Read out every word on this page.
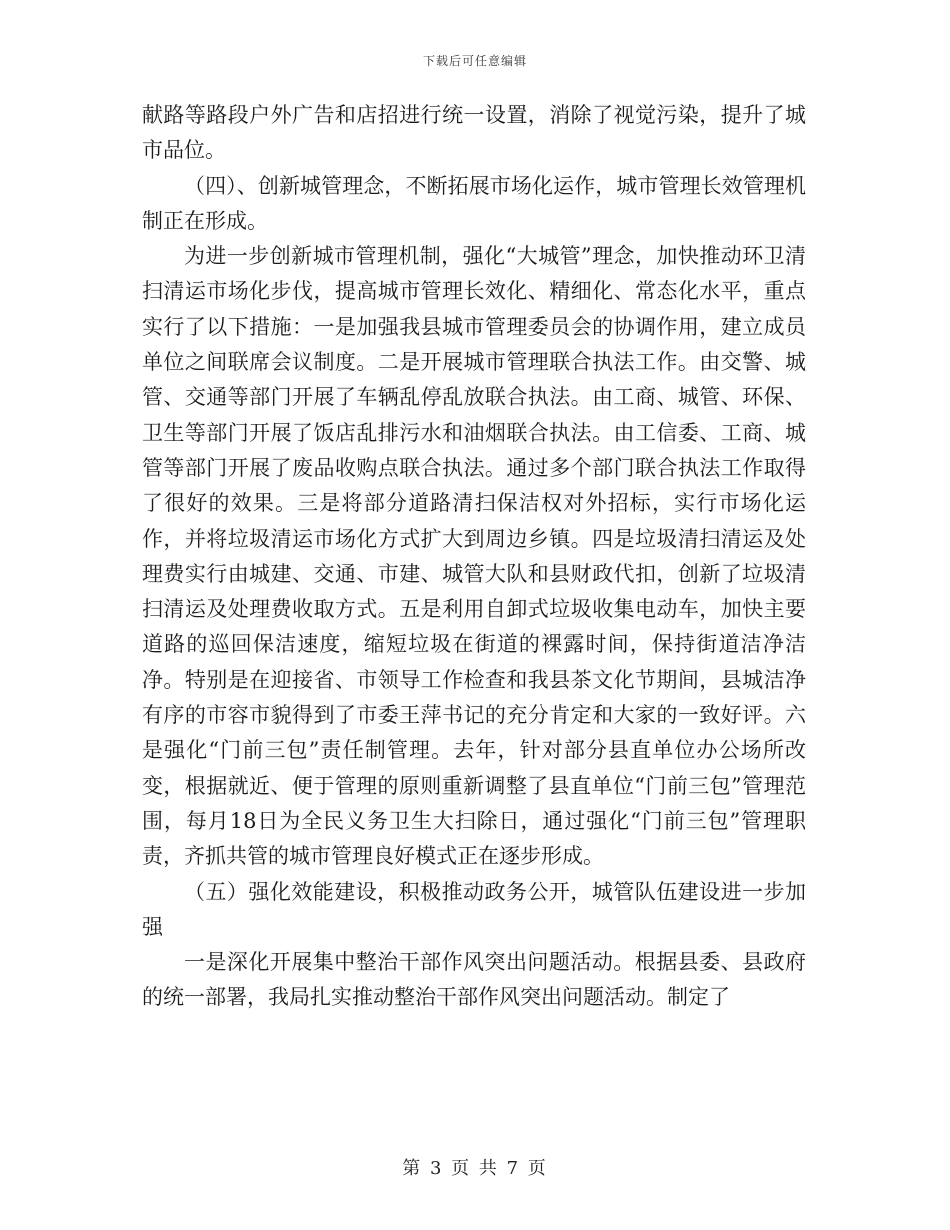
下载后可任意编辑

献路等路段户外广告和店招进行统一设置，消除了视觉污染，提升了城市品位。

（四）、创新城管理念，不断拓展市场化运作，城市管理长效管理机制正在形成。

为进一步创新城市管理机制，强化“大城管”理念，加快推动环卫清扫清运市场化步伐，提高城市管理长效化、精细化、常态化水平，重点实行了以下措施：一是加强我县城市管理委员会的协调作用，建立成员单位之间联席会议制度。二是开展城市管理联合执法工作。由交警、城管、交通等部门开展了车辆乱停乱放联合执法。由工商、城管、环保、卫生等部门开展了饭店乱排污水和油烟联合执法。由工信委、工商、城管等部门开展了废品收购点联合执法。通过多个部门联合执法工作取得了很好的效果。三是将部分道路清扫保洁权对外招标，实行市场化运作，并将垃圾清运市场化方式扩大到周边乡镇。四是垃圾清扫清运及处理费实行由城建、交通、市建、城管大队和县财政代扣，创新了垃圾清扫清运及处理费收取方式。五是利用自卸式垃圾收集电动车，加快主要道路的巡回保洁速度，缩短垃圾在街道的裸露时间，保持街道洁净洁净。特别是在迎接省、市领导工作检查和我县茶文化节期间，县城洁净有序的市容市貌得到了市委王萍书记的充分肯定和大家的一致好评。六是强化“门前三包”责任制管理。去年，针对部分县直单位办公场所改变，根据就近、便于管理的原则重新调整了县直单位“门前三包”管理范围，每月18日为全民义务卫生大扫除日，通过强化“门前三包”管理职责，齐抓共管的城市管理良好模式正在逐步形成。

（五）强化效能建设，积极推动政务公开，城管队伍建设进一步加强

一是深化开展集中整治干部作风突出问题活动。根据县委、县政府的统一部署，我局扎实推动整治干部作风突出问题活动。制定了

第 3 页 共 7 页
